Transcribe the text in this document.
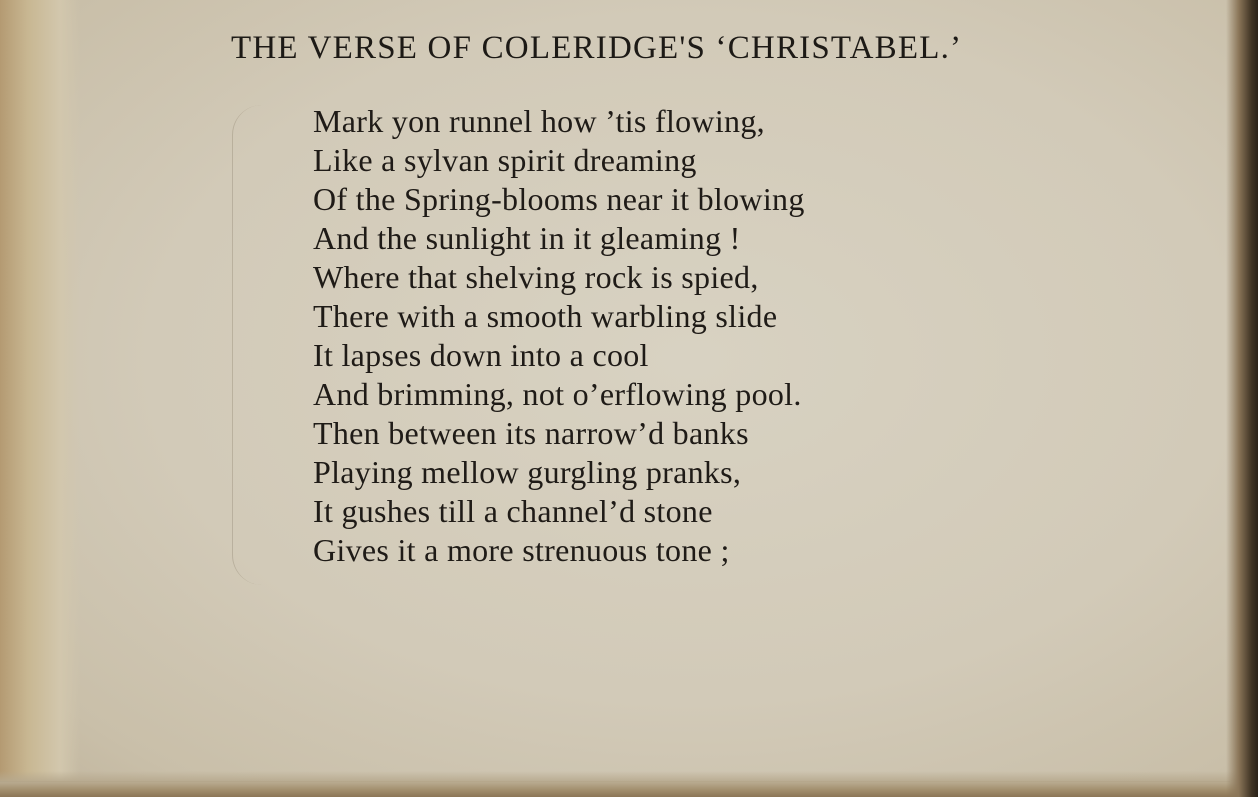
THE VERSE OF COLERIDGE'S ‘CHRISTABEL.’
Mark yon runnel how ’tis flowing,
Like a sylvan spirit dreaming
Of the Spring-blooms near it blowing
And the sunlight in it gleaming !
Where that shelving rock is spied,
There with a smooth warbling slide
It lapses down into a cool
And brimming, not o’erflowing pool.
Then between its narrow’d banks
Playing mellow gurgling pranks,
It gushes till a channel’d stone
Gives it a more strenuous tone ;
